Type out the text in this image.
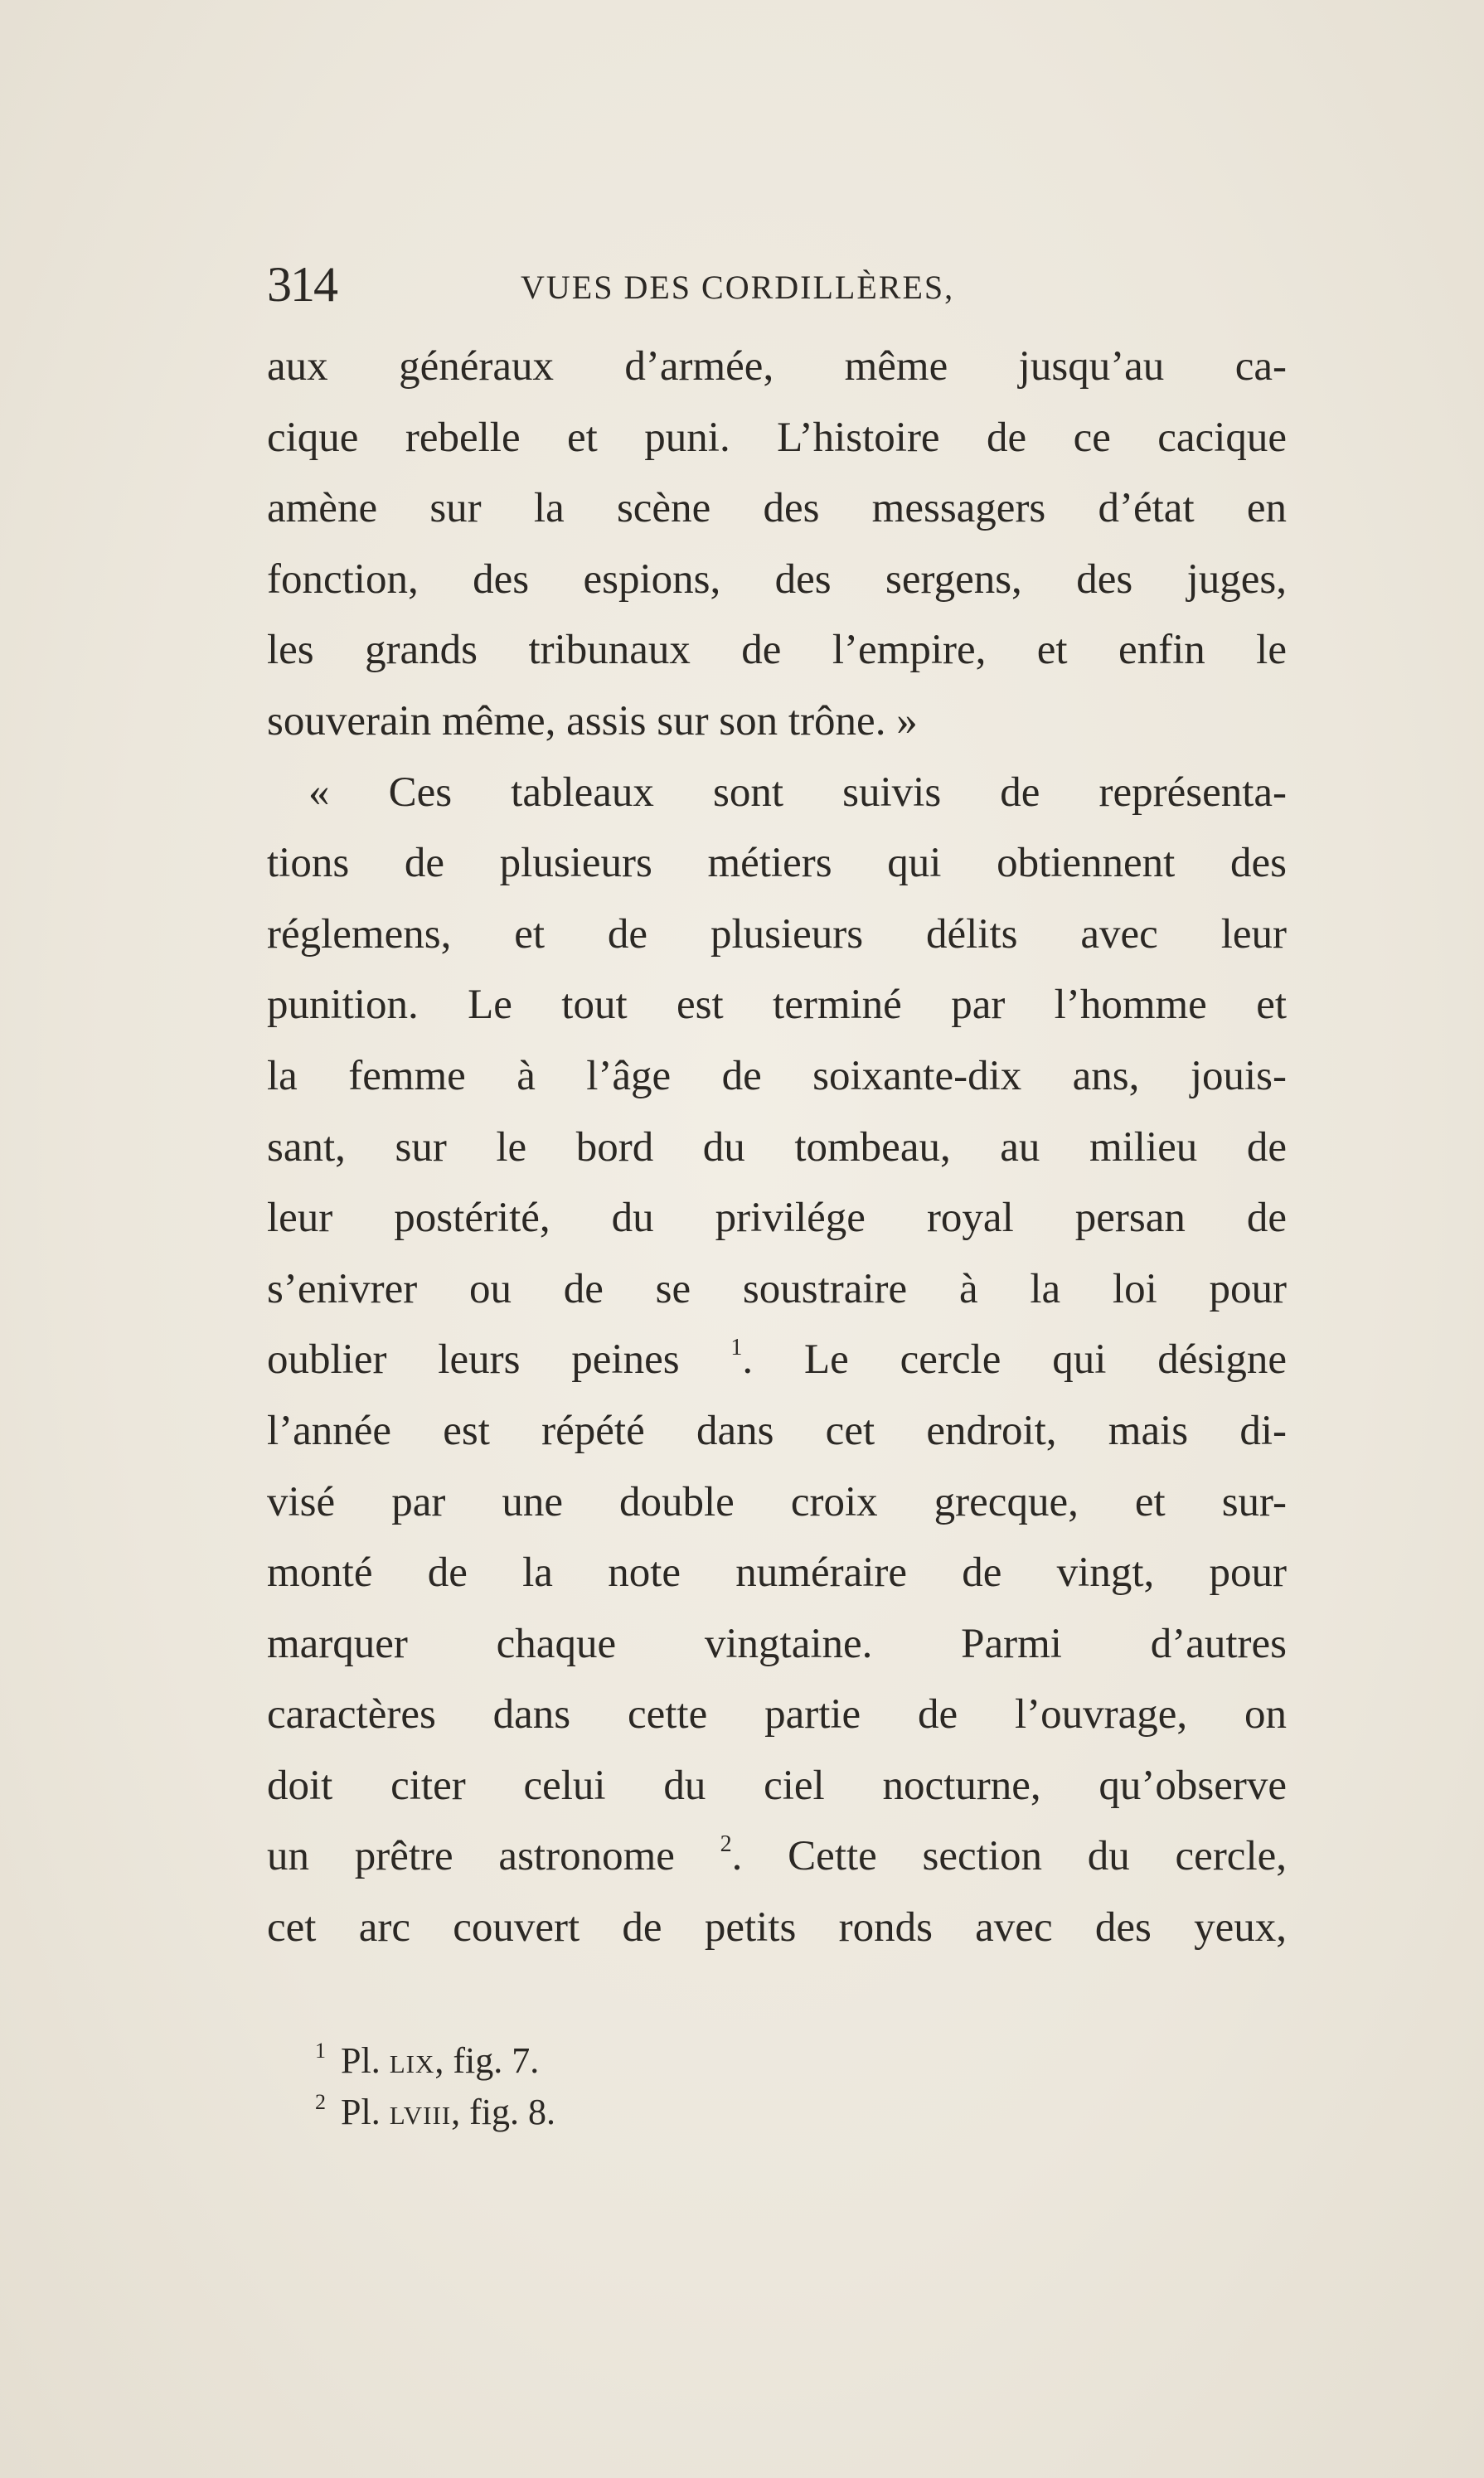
314	VUES DES CORDILLÈRES,
aux généraux d’armée, même jusqu’au ca-
cique rebelle et puni. L’histoire de ce cacique
amène sur la scène des messagers d’état en
fonction, des espions, des sergens, des juges,
les grands tribunaux de l’empire, et enfin le
souverain même, assis sur son trône. »
« Ces tableaux sont suivis de représenta-
tions de plusieurs métiers qui obtiennent des
réglemens, et de plusieurs délits avec leur
punition. Le tout est terminé par l’homme et
la femme à l’âge de soixante-dix ans, jouis-
sant, sur le bord du tombeau, au milieu de
leur postérité, du privilége royal persan de
s’enivrer ou de se soustraire à la loi pour
oublier leurs peines $^1$. Le cercle qui désigne
l’année est répété dans cet endroit, mais di-
visé par une double croix grecque, et sur-
monté de la note numéraire de vingt, pour
marquer chaque vingtaine. Parmi d’autres
caractères dans cette partie de l’ouvrage, on
doit citer celui du ciel nocturne, qu’observe
un prêtre astronome $^2$. Cette section du cercle,
cet arc couvert de petits ronds avec des yeux,
$^1$ Pl. lix, fig. 7.
$^2$ Pl. lviii, fig. 8.
